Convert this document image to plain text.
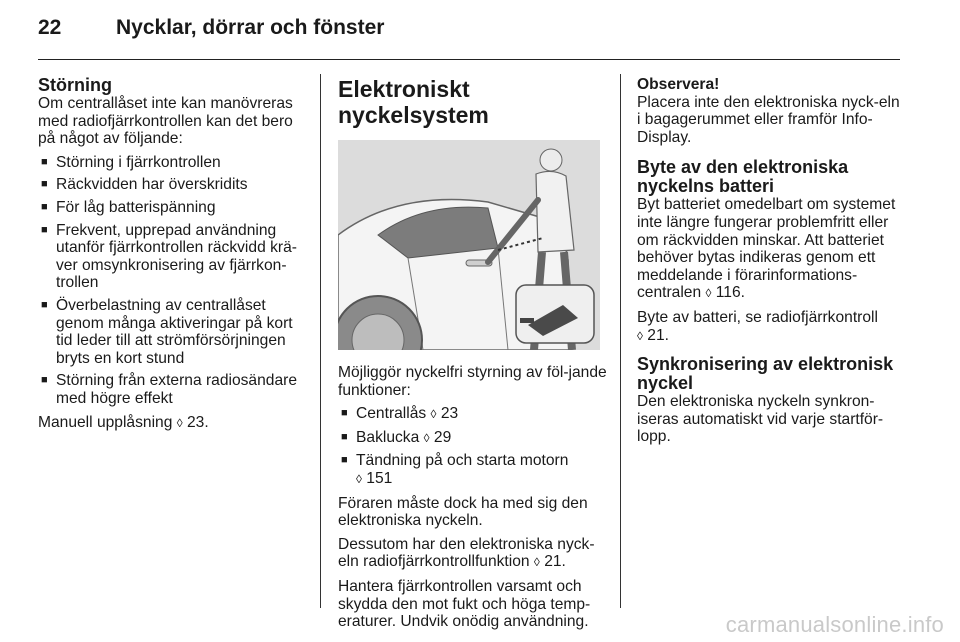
22	Nycklar, dörrar och fönster
Störning

Om centrallåset inte kan manövreras med radiofjärrkontrollen kan det bero på något av följande:

■ Störning i fjärrkontrollen
■ Räckvidden har överskridits
■ För låg batterispänning
■ Frekvent, upprepad användning utanför fjärrkontrollen räckvidd krä-ver omsynkronisering av fjärrkon-trollen
■ Överbelastning av centrallåset genom många aktiveringar på kort tid leder till att strömförsörjningen bryts en kort stund
■ Störning från externa radiosändare med högre effekt

Manuell upplåsning ◊ 23.

Elektroniskt nyckelsystem

Möjliggör nyckelfri styrning av föl-jande funktioner:

■ Centrallås ◊ 23
■ Baklucka ◊ 29
■ Tändning på och starta motorn
◊ 151

Föraren måste dock ha med sig den elektroniska nyckeln.

Dessutom har den elektroniska nyck-eln radiofjärrkontrollfunktion ◊ 21.

Hantera fjärrkontrollen varsamt och skydda den mot fukt och höga temp-eraturer. Undvik onödig användning.

Observera!
Placera inte den elektroniska nyck-eln i bagagerummet eller framför Info-Display.
Byte av den elektroniska nyckelns batteri

Byt batteriet omedelbart om systemet inte längre fungerar problemfritt eller om räckvidden minskar. Att batteriet behöver bytas indikeras genom ett meddelande i förarinformations-centralen ◊ 116.

Byte av batteri, se radiofjärrkontroll
◊ 21.

Synkronisering av elektronisk nyckel

Den elektroniska nyckeln synkron-iseras automatiskt vid varje startför-lopp.

carmanualsonline.info
